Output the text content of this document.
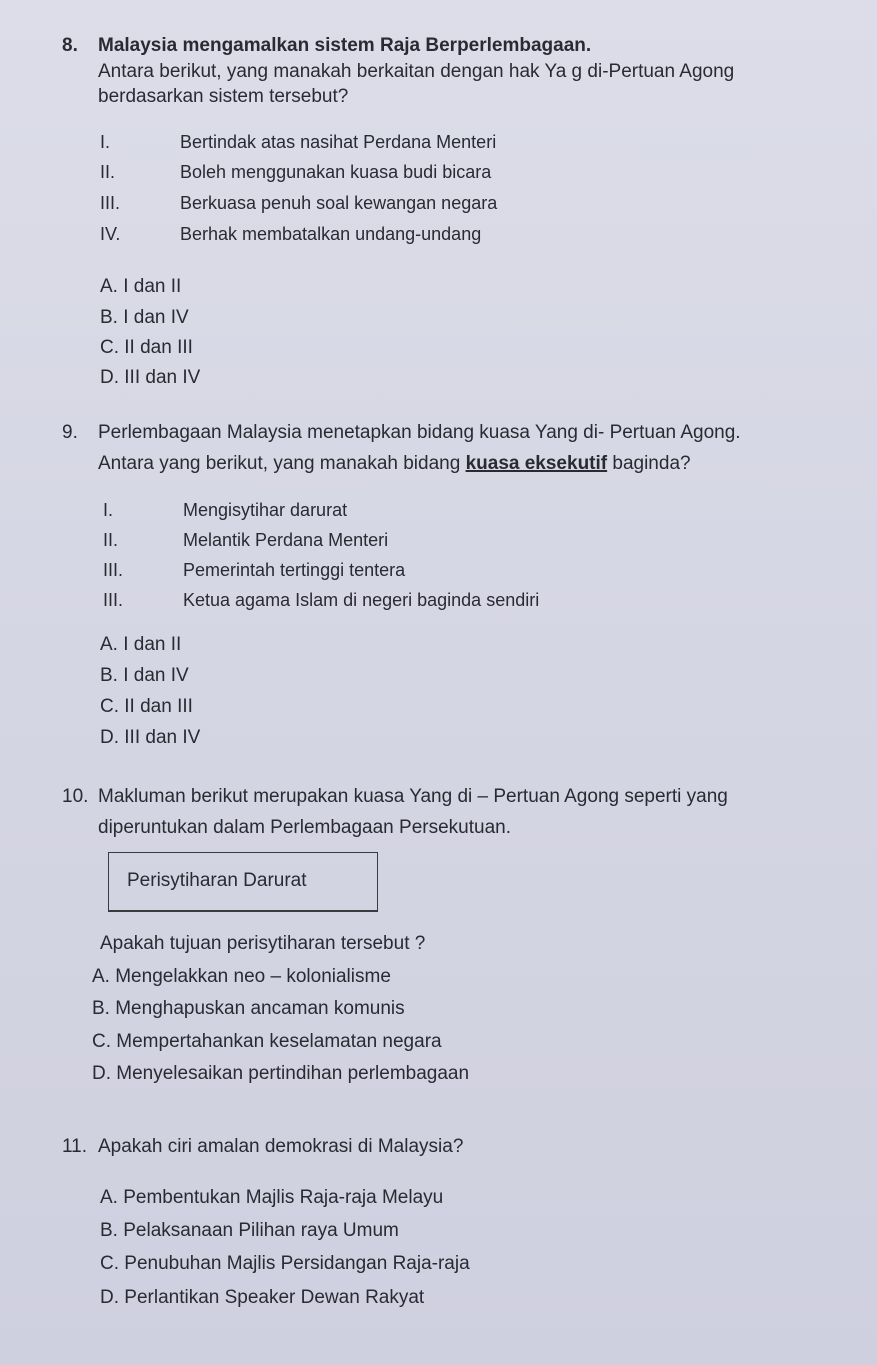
8. Malaysia mengamalkan sistem Raja Berperlembagaan.
Antara berikut, yang manakah berkaitan dengan hak Ya g di-Pertuan Agong
berdasarkan sistem tersebut?
I.	Bertindak atas nasihat Perdana Menteri
II.	Boleh menggunakan kuasa budi bicara
III.	Berkuasa penuh soal kewangan negara
IV.	Berhak membatalkan undang-undang
A. I dan II
B. I dan IV
C. II dan III
D. III dan IV
9. Perlembagaan Malaysia menetapkan bidang kuasa Yang di- Pertuan Agong.
Antara yang berikut, yang manakah bidang kuasa eksekutif baginda?
I.	Mengisytihar darurat
II.	Melantik Perdana Menteri
III.	Pemerintah tertinggi tentera
III.	Ketua agama Islam di negeri baginda sendiri
A. I dan II
B. I dan IV
C. II dan III
D. III dan IV
10. Makluman berikut merupakan kuasa Yang di – Pertuan Agong seperti yang
diperuntukan dalam Perlembagaan Persekutuan.
Perisytiharan Darurat
Apakah tujuan perisytiharan tersebut ?
A. Mengelakkan neo – kolonialisme
B. Menghapuskan ancaman komunis
C. Mempertahankan keselamatan negara
D. Menyelesaikan pertindihan perlembagaan
11. Apakah ciri amalan demokrasi di Malaysia?
A. Pembentukan Majlis Raja-raja Melayu
B. Pelaksanaan Pilihan raya Umum
C. Penubuhan Majlis Persidangan Raja-raja
D. Perlantikan Speaker Dewan Rakyat
